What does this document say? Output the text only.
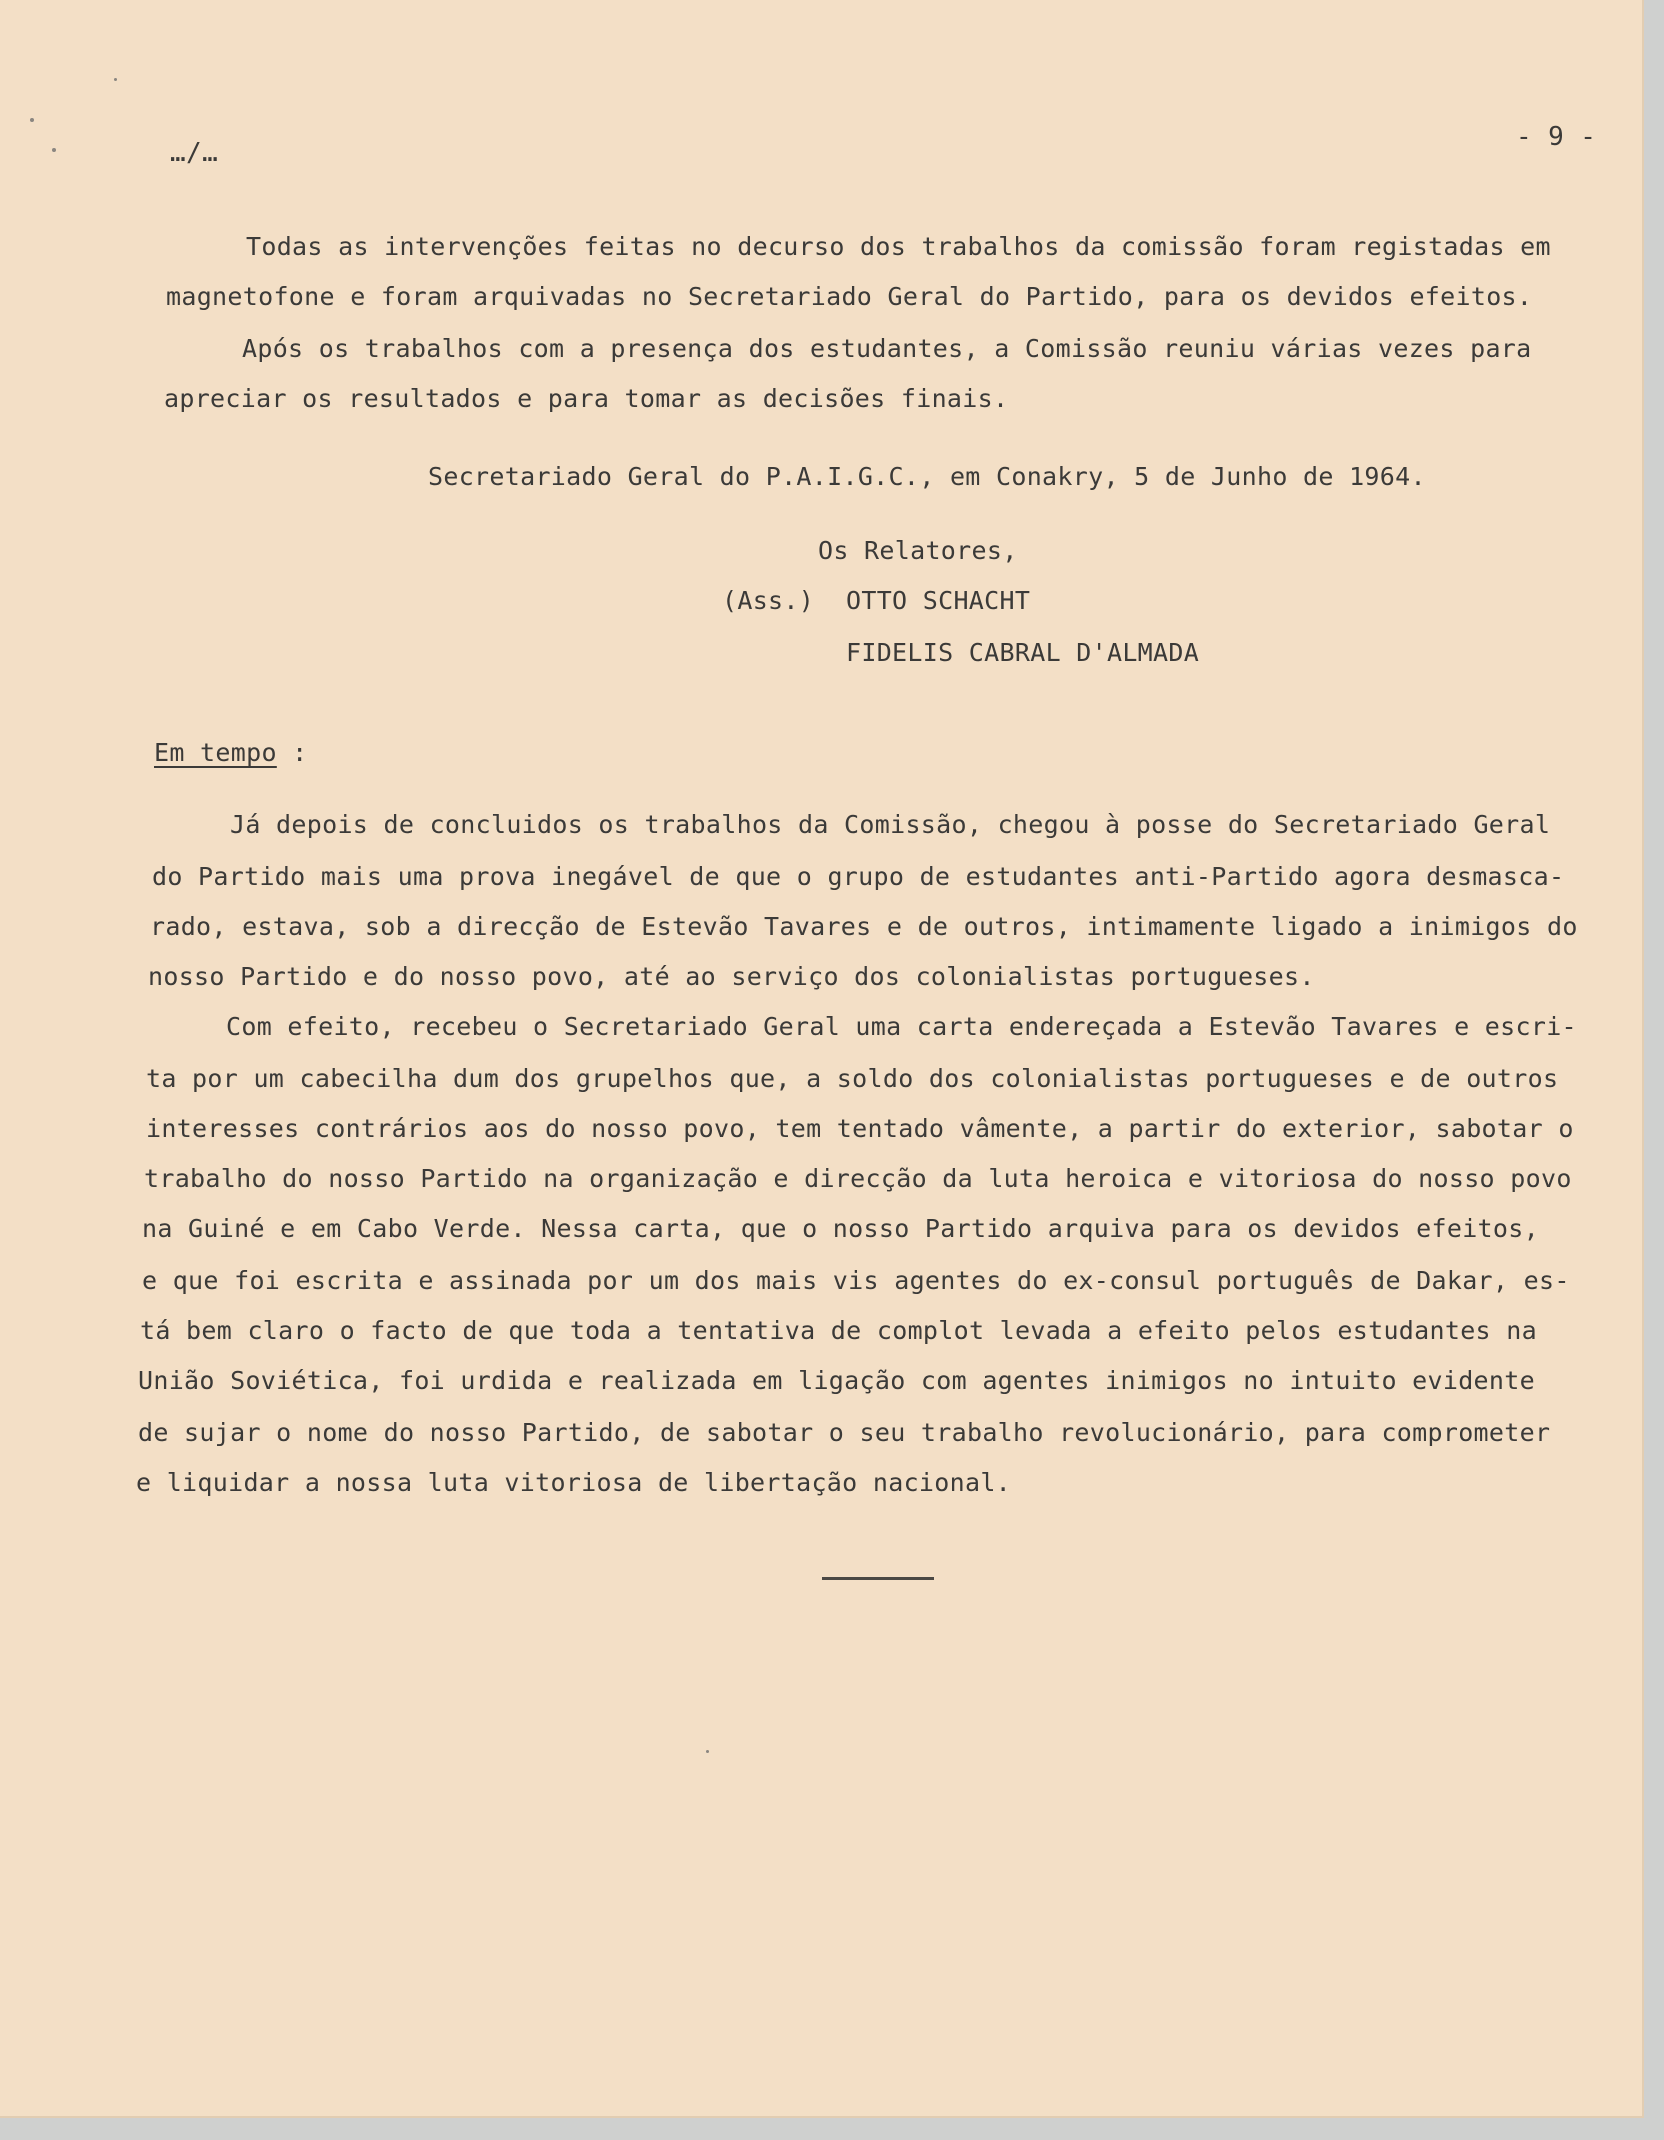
…/…
- 9 -
Todas as intervenções feitas no decurso dos trabalhos da comissão foram registadas em
magnetofone e foram arquivadas no Secretariado Geral do Partido, para os devidos efeitos.
Após os trabalhos com a presença dos estudantes, a Comissão reuniu várias vezes para
apreciar os resultados e para tomar as decisões finais.
Secretariado Geral do P.A.I.G.C., em Conakry, 5 de Junho de 1964.
Os Relatores,
(Ass.) OTTO SCHACHT
FIDELIS CABRAL D'ALMADA
Em tempo :
Já depois de concluidos os trabalhos da Comissão, chegou à posse do Secretariado Geral
do Partido mais uma prova inegável de que o grupo de estudantes anti-Partido agora desmasca-
rado, estava, sob a direcção de Estevão Tavares e de outros, intimamente ligado a inimigos do
nosso Partido e do nosso povo, até ao serviço dos colonialistas portugueses.
Com efeito, recebeu o Secretariado Geral uma carta endereçada a Estevão Tavares e escri-
ta por um cabecilha dum dos grupelhos que, a soldo dos colonialistas portugueses e de outros
interesses contrários aos do nosso povo, tem tentado vâmente, a partir do exterior, sabotar o
trabalho do nosso Partido na organização e direcção da luta heroica e vitoriosa do nosso povo
na Guiné e em Cabo Verde. Nessa carta, que o nosso Partido arquiva para os devidos efeitos,
e que foi escrita e assinada por um dos mais vis agentes do ex-consul português de Dakar, es-
tá bem claro o facto de que toda a tentativa de complot levada a efeito pelos estudantes na
União Soviética, foi urdida e realizada em ligação com agentes inimigos no intuito evidente
de sujar o nome do nosso Partido, de sabotar o seu trabalho revolucionário, para comprometer
e liquidar a nossa luta vitoriosa de libertação nacional.
